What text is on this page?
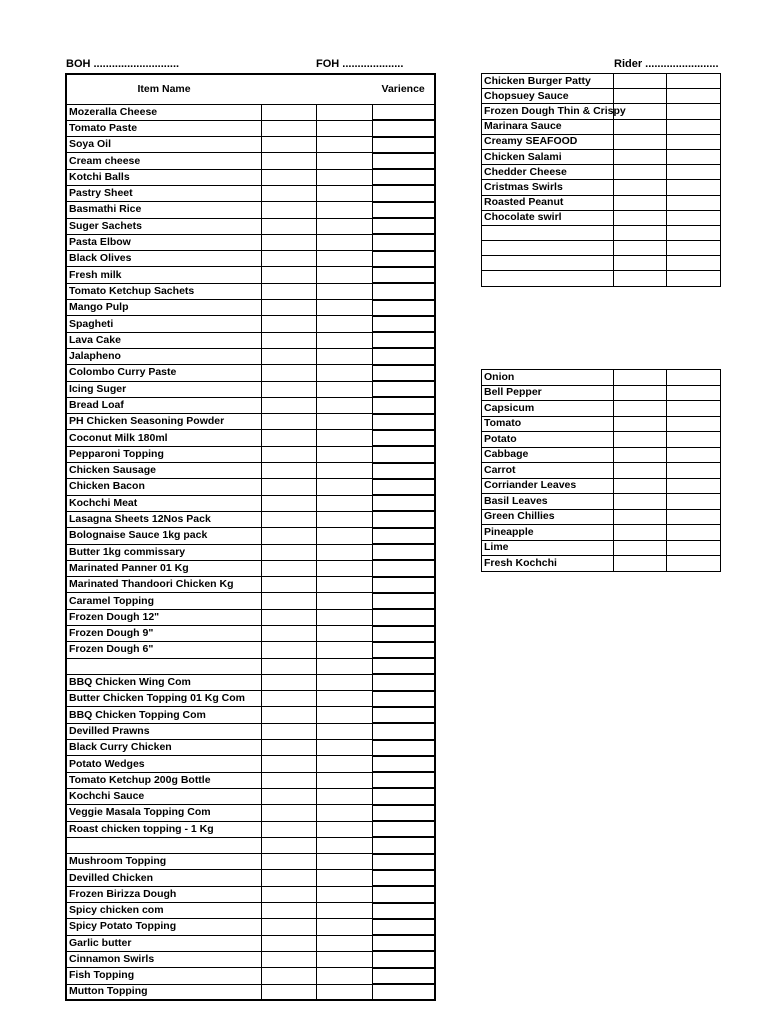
BOH ............................	FOH ....................	Rider ........................
Item Name			Varience
Mozeralla Cheese			
Tomato Paste			
Soya Oil			
Cream cheese			
Kotchi Balls			
Pastry Sheet			
Basmathi Rice			
Suger Sachets			
Pasta Elbow			
Black Olives			
Fresh milk			
Tomato Ketchup Sachets			
Mango Pulp			
Spagheti			
Lava Cake			
Jalapheno			
Colombo Curry Paste			
Icing Suger			
Bread Loaf			
PH Chicken Seasoning Powder			
Coconut Milk 180ml			
Pepparoni Topping			
Chicken Sausage			
Chicken Bacon			
Kochchi Meat			
Lasagna Sheets 12Nos Pack			
Bolognaise Sauce 1kg pack			
Butter 1kg commissary			
Marinated Panner 01 Kg			
Marinated Thandoori Chicken Kg			
Caramel Topping			
Frozen Dough 12"			
Frozen Dough 9"			
Frozen Dough 6"			

BBQ Chicken Wing Com			
Butter Chicken Topping 01 Kg Com			
BBQ Chicken Topping Com			
Devilled Prawns			
Black Curry Chicken			
Potato Wedges			
Tomato Ketchup 200g Bottle			
Kochchi Sauce			
Veggie Masala Topping Com			
Roast chicken topping - 1 Kg			

Mushroom Topping			
Devilled Chicken			
Frozen Birizza Dough			
Spicy chicken com			
Spicy Potato Topping			
Garlic butter			
Cinnamon Swirls			
Fish Topping			
Mutton Topping			
Chicken Burger Patty		
Chopsuey Sauce		
Frozen Dough Thin & Crispy		
Marinara Sauce		
Creamy SEAFOOD		
Chicken Salami		
Chedder Cheese		
Cristmas Swirls		
Roasted Peanut		
Chocolate swirl		

Onion		
Bell Pepper		
Capsicum		
Tomato		
Potato		
Cabbage		
Carrot		
Corriander Leaves		
Basil Leaves		
Green Chillies		
Pineapple		
Lime		
Fresh Kochchi		
